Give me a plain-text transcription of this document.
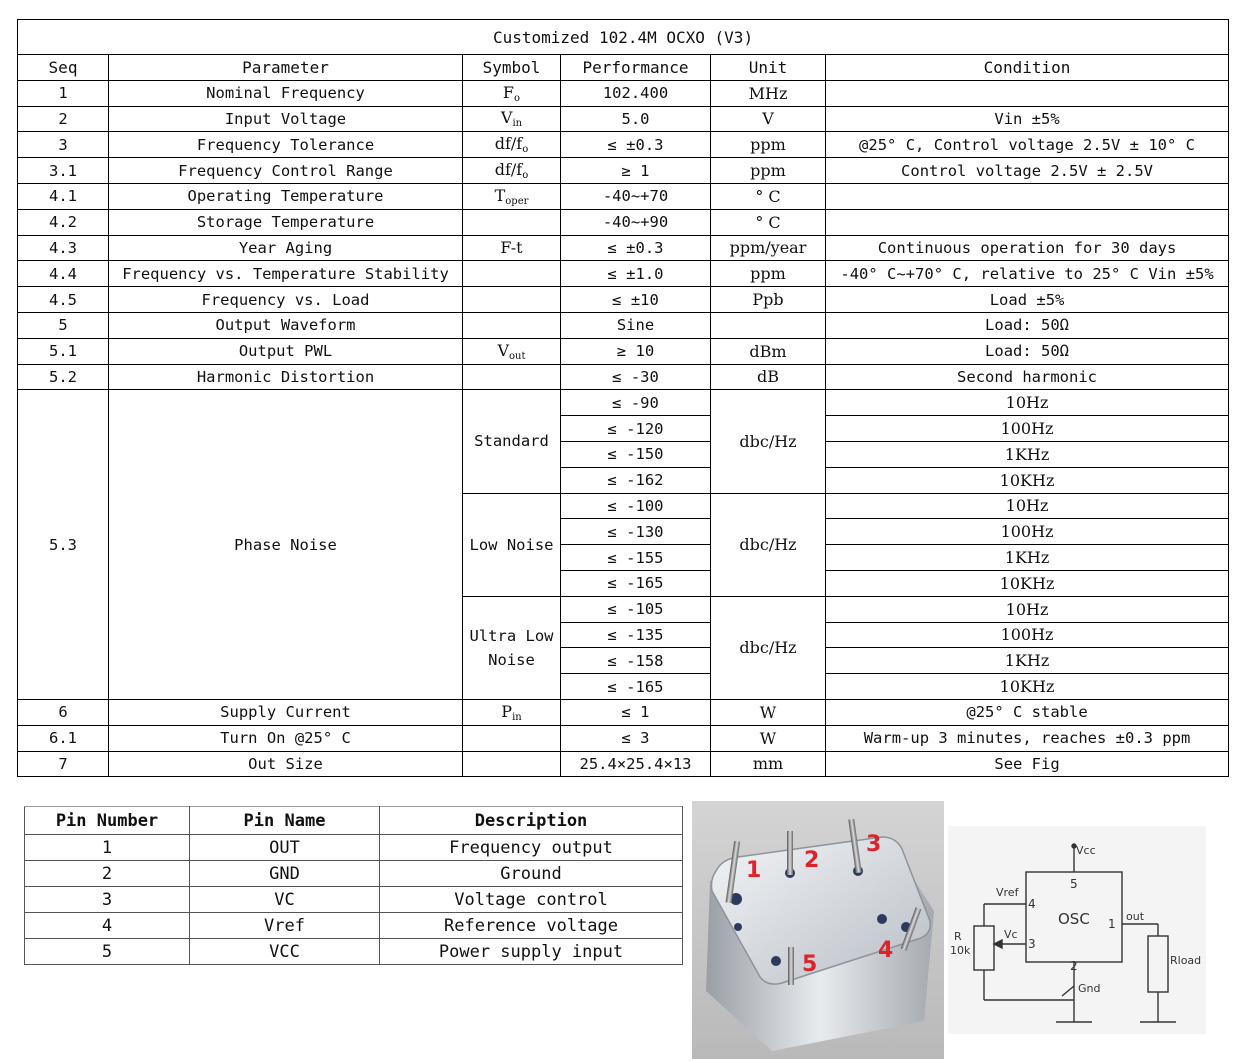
Customized 102.4M OCXO (V3)					
Seq	Parameter	Symbol	Performance	Unit	Condition
1	Nominal Frequency	$F_o$	102.400	MHz	
2	Input Voltage	$V_{in}$	5.0	V	Vin ±5%
3	Frequency Tolerance	$df/f_o$	≤ ±0.3	ppm	@25° C, Control voltage 2.5V ± 10° C
3.1	Frequency Control Range	$df/f_o$	≥ 1	ppm	Control voltage 2.5V ± 2.5V
4.1	Operating Temperature	$T_{oper}$	-40~+70	° C	
4.2	Storage Temperature		-40~+90	° C	
4.3	Year Aging	F-t	≤ ±0.3	ppm/year	Continuous operation for 30 days
4.4	Frequency vs. Temperature Stability		≤ ±1.0	ppm	-40° C~+70° C, relative to 25° C Vin ±5%
4.5	Frequency vs. Load		≤ ±10	Ppb	Load ±5%
5	Output Waveform		Sine		Load: 50Ω
5.1	Output PWL	$V_{out}$	≥ 10	dBm	Load: 50Ω
5.2	Harmonic Distortion		≤ -30	dB	Second harmonic
5.3	Phase Noise	Standard	≤ -90	dbc/Hz	10Hz
			≤ -120		100Hz
			≤ -150		1KHz
			≤ -162		10KHz
		Low Noise	≤ -100	dbc/Hz	10Hz
			≤ -130		100Hz
			≤ -155		1KHz
			≤ -165		10KHz
		Ultra Low Noise	≤ -105	dbc/Hz	10Hz
			≤ -135		100Hz
			≤ -158		1KHz
			≤ -165		10KHz
6	Supply Current	$P_{in}$	≤ 1	W	@25° C stable
6.1	Turn On @25° C		≤ 3	W	Warm-up 3 minutes, reaches ±0.3 ppm
7	Out Size		25.4×25.4×13	mm	See Fig
Pin Number	Pin Name	Description
1	OUT	Frequency output
2	GND	Ground
3	VC	Voltage control
4	Vref	Reference voltage
5	VCC	Power supply input
1 2
3
4
5
Vcc
5
Vref
4
OSC 1
out
Vc
3
R
10k
2
Gnd
Rload
